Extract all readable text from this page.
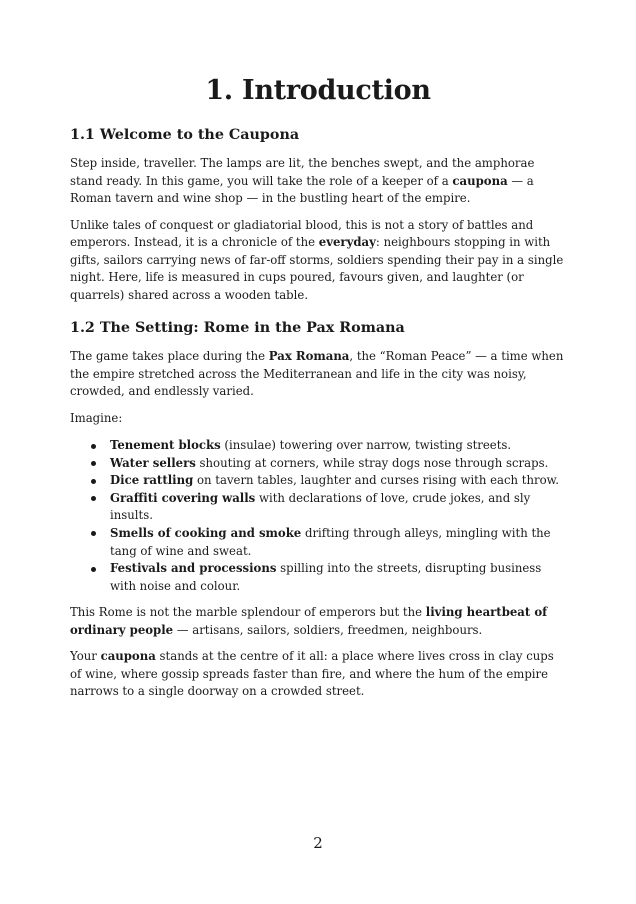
1. Introduction
1.1 Welcome to the Caupona

Step inside, traveller. The lamps are lit, the benches swept, and the amphorae stand ready. In this game, you will take the role of a keeper of a caupona — a Roman tavern and wine shop — in the bustling heart of the empire.

Unlike tales of conquest or gladiatorial blood, this is not a story of battles and emperors. Instead, it is a chronicle of the everyday: neighbours stopping in with gifts, sailors carrying news of far-off storms, soldiers spending their pay in a single night. Here, life is measured in cups poured, favours given, and laughter (or quarrels) shared across a wooden table.

1.2 The Setting: Rome in the Pax Romana

The game takes place during the Pax Romana, the “Roman Peace” — a time when the empire stretched across the Mediterranean and life in the city was noisy, crowded, and endlessly varied.

Imagine:

Tenement blocks (insulae) towering over narrow, twisting streets.
Water sellers shouting at corners, while stray dogs nose through scraps.
Dice rattling on tavern tables, laughter and curses rising with each throw.
Graffiti covering walls with declarations of love, crude jokes, and sly insults.
Smells of cooking and smoke drifting through alleys, mingling with the tang of wine and sweat.
Festivals and processions spilling into the streets, disrupting business with noise and colour.

This Rome is not the marble splendour of emperors but the living heartbeat of ordinary people — artisans, sailors, soldiers, freedmen, neighbours.

Your caupona stands at the centre of it all: a place where lives cross in clay cups of wine, where gossip spreads faster than fire, and where the hum of the empire narrows to a single doorway on a crowded street.

2
